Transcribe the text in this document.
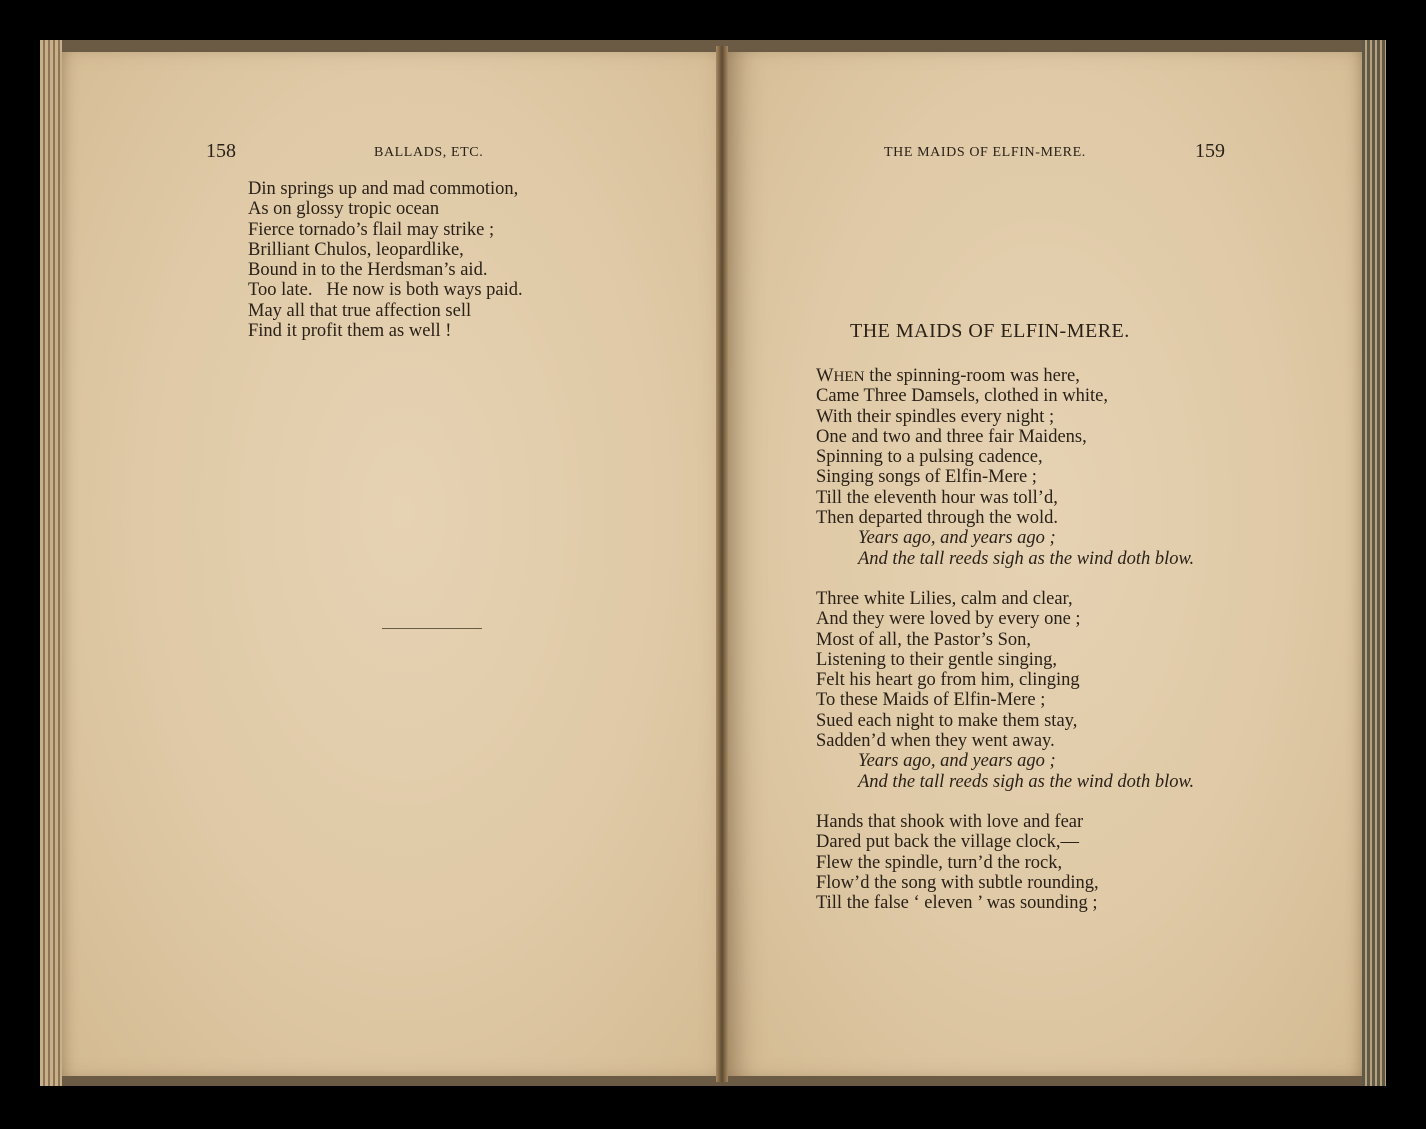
158	BALLADS, ETC.
Din springs up and mad commotion,
As on glossy tropic ocean
Fierce tornado’s flail may strike ;
Brilliant Chulos, leopardlike,
Bound in to the Herdsman’s aid.
Too late.   He now is both ways paid.
May all that true affection sell
Find it profit them as well !
THE MAIDS OF ELFIN-MERE.	159
THE MAIDS OF ELFIN-MERE.
WHEN the spinning-room was here,
Came Three Damsels, clothed in white,
With their spindles every night ;
One and two and three fair Maidens,
Spinning to a pulsing cadence,
Singing songs of Elfin-Mere ;
Till the eleventh hour was toll’d,
Then departed through the wold.
Years ago, and years ago ;
And the tall reeds sigh as the wind doth blow.
Three white Lilies, calm and clear,
And they were loved by every one ;
Most of all, the Pastor’s Son,
Listening to their gentle singing,
Felt his heart go from him, clinging
To these Maids of Elfin-Mere ;
Sued each night to make them stay,
Sadden’d when they went away.
Years ago, and years ago ;
And the tall reeds sigh as the wind doth blow.
Hands that shook with love and fear
Dared put back the village clock,—
Flew the spindle, turn’d the rock,
Flow’d the song with subtle rounding,
Till the false ‘ eleven ’ was sounding ;
